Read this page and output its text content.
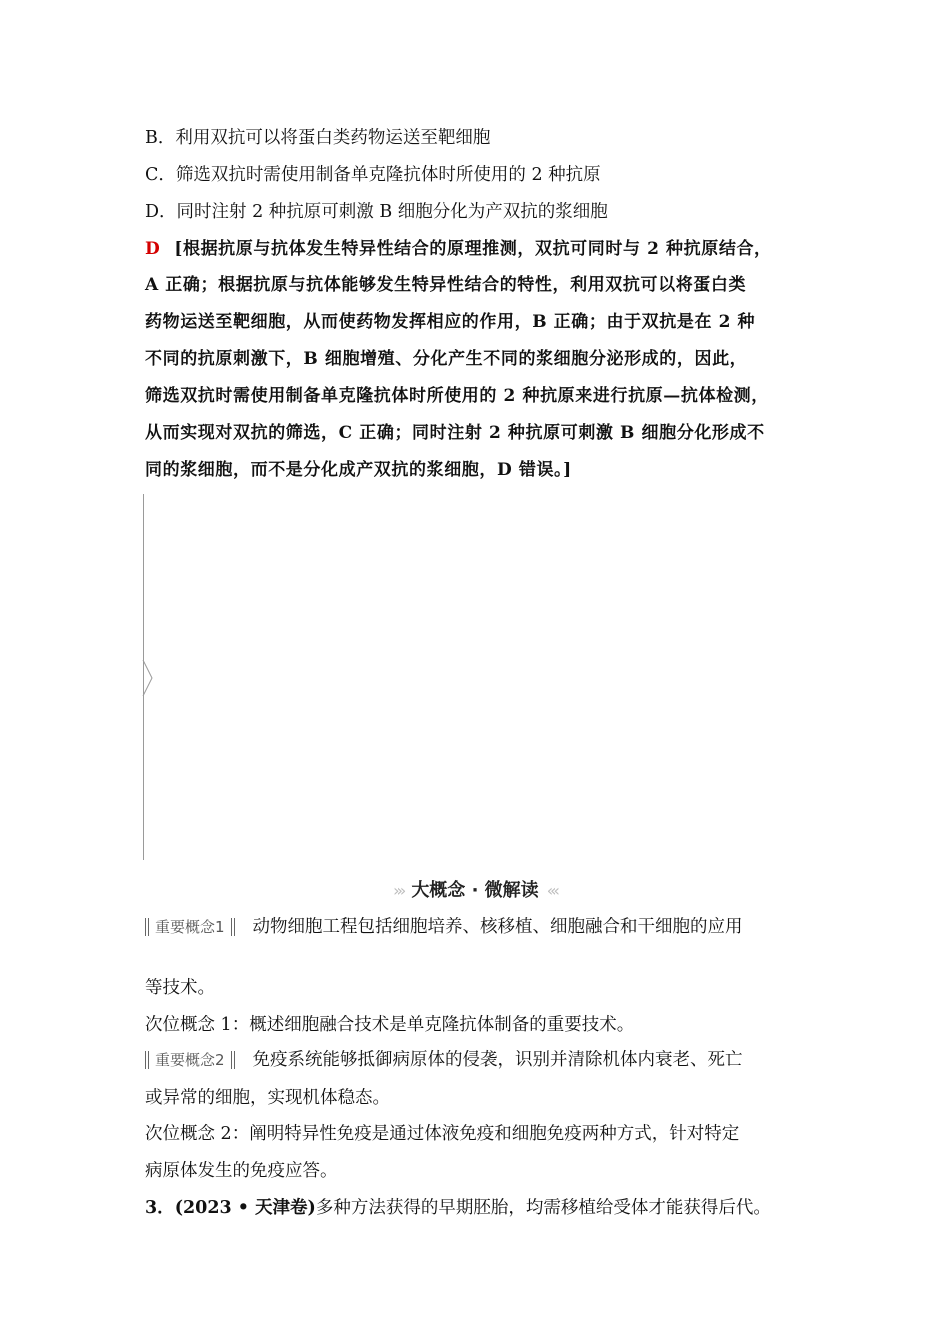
B．利用双抗可以将蛋白类药物运送至靶细胞
C．筛选双抗时需使用制备单克隆抗体时所使用的 2 种抗原
D．同时注射 2 种抗原可刺激 B 细胞分化为产双抗的浆细胞
D [根据抗原与抗体发生特异性结合的原理推测，双抗可同时与 2 种抗原结合，
A 正确；根据抗原与抗体能够发生特异性结合的特性，利用双抗可以将蛋白类
药物运送至靶细胞，从而使药物发挥相应的作用，B 正确；由于双抗是在 2 种
不同的抗原刺激下，B 细胞增殖、分化产生不同的浆细胞分泌形成的，因此，
筛选双抗时需使用制备单克隆抗体时所使用的 2 种抗原来进行抗原—抗体检测，
从而实现对双抗的筛选，C 正确；同时注射 2 种抗原可刺激 B 细胞分化形成不
同的浆细胞，而不是分化成产双抗的浆细胞，D 错误。]
››› 大概念 · 微解读 ‹‹‹
重要概念1 动物细胞工程包括细胞培养、核移植、细胞融合和干细胞的应用
等技术。
次位概念 1：概述细胞融合技术是单克隆抗体制备的重要技术。
重要概念2 免疫系统能够抵御病原体的侵袭，识别并清除机体内衰老、死亡
或异常的细胞，实现机体稳态。
次位概念 2：阐明特异性免疫是通过体液免疫和细胞免疫两种方式，针对特定
病原体发生的免疫应答。
3．(2023 • 天津卷)多种方法获得的早期胚胎，均需移植给受体才能获得后代。
